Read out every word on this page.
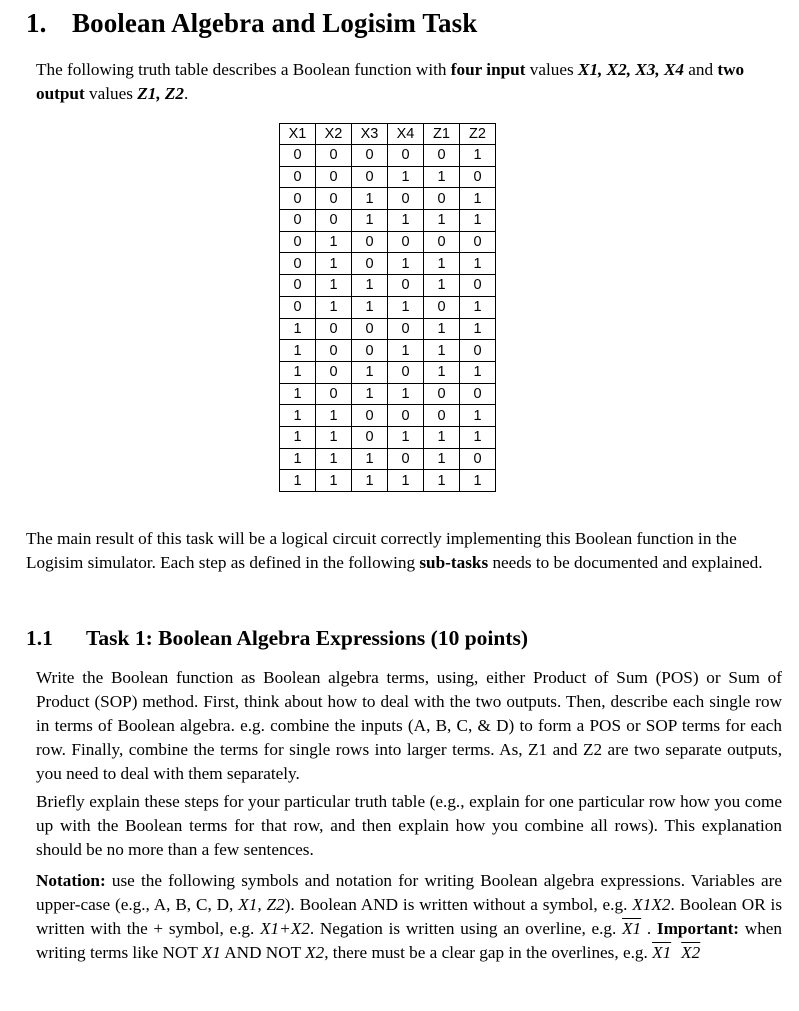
1. Boolean Algebra and Logisim Task
The following truth table describes a Boolean function with four input values X1, X2, X3, X4 and two output values Z1, Z2.
X1	X2	X3	X4	Z1	Z2
0	0	0	0	0	1
0	0	0	1	1	0
0	0	1	0	0	1
0	0	1	1	1	1
0	1	0	0	0	0
0	1	0	1	1	1
0	1	1	0	1	0
0	1	1	1	0	1
1	0	0	0	1	1
1	0	0	1	1	0
1	0	1	0	1	1
1	0	1	1	0	0
1	1	0	0	0	1
1	1	0	1	1	1
1	1	1	0	1	0
1	1	1	1	1	1
The main result of this task will be a logical circuit correctly implementing this Boolean function in the Logisim simulator. Each step as defined in the following sub-tasks needs to be documented and explained.
1.1 Task 1: Boolean Algebra Expressions (10 points)
Write the Boolean function as Boolean algebra terms, using, either Product of Sum (POS) or Sum of Product (SOP) method. First, think about how to deal with the two outputs. Then, describe each single row in terms of Boolean algebra. e.g. combine the inputs (A, B, C, & D) to form a POS or SOP terms for each row. Finally, combine the terms for single rows into larger terms. As, Z1 and Z2 are two separate outputs, you need to deal with them separately.
Briefly explain these steps for your particular truth table (e.g., explain for one particular row how you come up with the Boolean terms for that row, and then explain how you combine all rows). This explanation should be no more than a few sentences.
Notation: use the following symbols and notation for writing Boolean algebra expressions. Variables are upper-case (e.g., A, B, C, D, X1, Z2). Boolean AND is written without a symbol, e.g. X1X2. Boolean OR is written with the + symbol, e.g. X1+X2. Negation is written using an overline, e.g. X1 . Important: when writing terms like NOT X1 AND NOT X2, there must be a clear gap in the overlines, e.g. X1 X2
